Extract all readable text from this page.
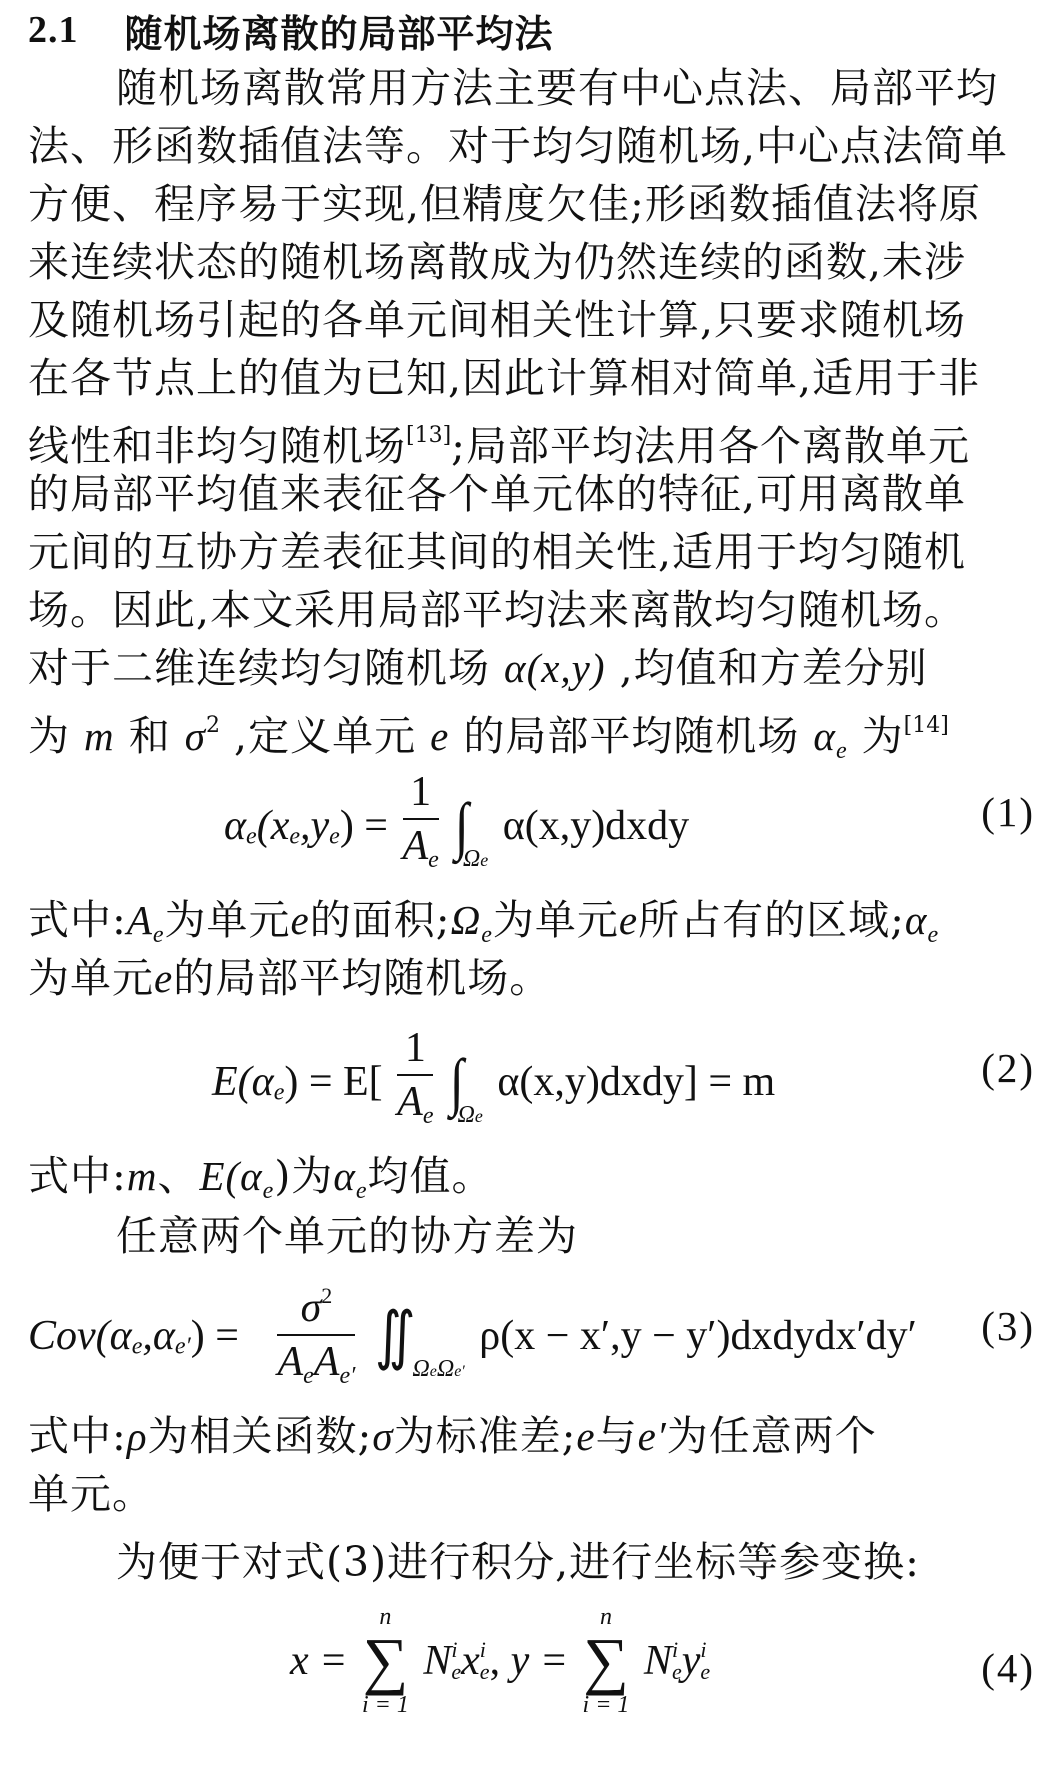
2.1 随机场离散的局部平均法
随机场离散常用方法主要有中心点法、局部平均
法、形函数插值法等。对于均匀随机场,中心点法简单
方便、程序易于实现,但精度欠佳;形函数插值法将原
来连续状态的随机场离散成为仍然连续的函数,未涉
及随机场引起的各单元间相关性计算,只要求随机场
在各节点上的值为已知,因此计算相对简单,适用于非
线性和非均匀随机场[13];局部平均法用各个离散单元
的局部平均值来表征各个单元体的特征,可用离散单
元间的互协方差表征其间的相关性,适用于均匀随机
场。因此,本文采用局部平均法来离散均匀随机场。
对于二维连续均匀随机场 α(x,y) ,均值和方差分别
为 m 和 $\sigma^2$ ,定义单元 e 的局部平均随机场 $\alpha_e$ 为[14]
$\alpha_e(x_e,y_e) = \frac{1}{A_e} \int_{\Omega e}$ α(x,y)dxdy	(1)
式中$:A_e$为单元e的面积$;\Omega_e$为单元e所占有的区域$;\alpha_e$
为单元e的局部平均随机场。
$E(\alpha_e) = E[ \frac{1}{A_e} \int_{\Omega e}$ α(x,y)dxdy] = m	(2)
式中:m、$E(\alpha_e)$为$\alpha_e$均值。
任意两个单元的协方差为
$Cov(\alpha_e,\alpha_{e'}) = \frac{\sigma^2}{A_eA_{e'}}$ $∬_{\Omega e\Omega e'}$ ρ(x − x′,y − y′)dxdydx′dy′ (3)
式中:ρ为相关函数;σ为标准差;e与e′为任意两个
单元。
为便于对式(3)进行积分,进行坐标等参变换:
x =
n
∑
i = 1
N i
e x i
e , y =
n
∑
i = 1
N i
e y i
e	(4)
